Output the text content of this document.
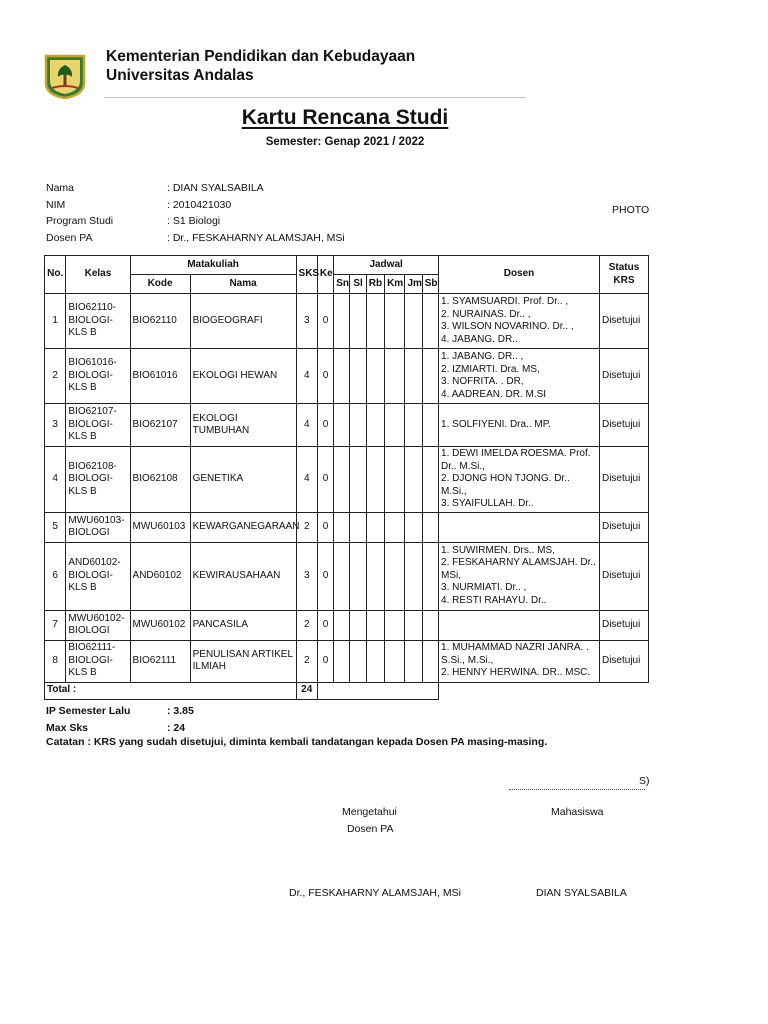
Kementerian Pendidikan dan Kebudayaan
Universitas Andalas
Kartu Rencana Studi
Semester: Genap 2021 / 2022
Nama	: DIAN SYALSABILA
NIM	: 2010421030
Program Studi	: S1 Biologi
Dosen PA	: Dr., FESKAHARNY ALAMSJAH, MSi
PHOTO
No.	Kelas	Matakuliah		SKS	Ke	Jadwal						Dosen	Status KRS
		Kode	Nama			Sn	Sl	Rb	Km	Jm	Sb		
1	BIO62110-BIOLOGI-KLS B	BIO62110	BIOGEOGRAFI	3	0							1. SYAMSUARDI. Prof. Dr.. ,
2. NURAINAS. Dr.. ,
3. WILSON NOVARINO. Dr.. ,
4. JABANG. DR..	Disetujui
2	BIO61016-BIOLOGI-KLS B	BIO61016	EKOLOGI HEWAN	4	0							1. JABANG. DR.. ,
2. IZMIARTI. Dra. MS,
3. NOFRITA. . DR,
4. AADREAN. DR. M.SI	Disetujui
3	BIO62107-BIOLOGI-KLS B	BIO62107	EKOLOGI TUMBUHAN	4	0							1. SOLFIYENI. Dra.. MP.	Disetujui
4	BIO62108-BIOLOGI-KLS B	BIO62108	GENETIKA	4	0							1. DEWI IMELDA ROESMA. Prof. Dr.. M.Si.,
2. DJONG HON TJONG. Dr.. M.Si.,
3. SYAIFULLAH. Dr..	Disetujui
5	MWU60103-BIOLOGI	MWU60103	KEWARGANEGARAAN	2	0								Disetujui
6	AND60102-BIOLOGI-KLS B	AND60102	KEWIRAUSAHAAN	3	0							1. SUWIRMEN. Drs.. MS,
2. FESKAHARNY ALAMSJAH. Dr.. MSi,
3. NURMIATI. Dr.. ,
4. RESTI RAHAYU. Dr..	Disetujui
7	MWU60102-BIOLOGI	MWU60102	PANCASILA	2	0								Disetujui
8	BIO62111-BIOLOGI-KLS B	BIO62111	PENULISAN ARTIKEL ILMIAH	2	0							1. MUHAMMAD NAZRI JANRA. . S.Si., M.Si.,
2. HENNY HERWINA. DR.. MSC.	Disetujui
Total :				24									
IP Semester Lalu	: 3.85
Max Sks	: 24
Catatan : KRS yang sudah disetujui, diminta kembali tandatangan kepada Dosen PA masing-masing.
S)
Mengetahui
Dosen PA
Mahasiswa
Dr., FESKAHARNY ALAMSJAH, MSi	DIAN SYALSABILA
